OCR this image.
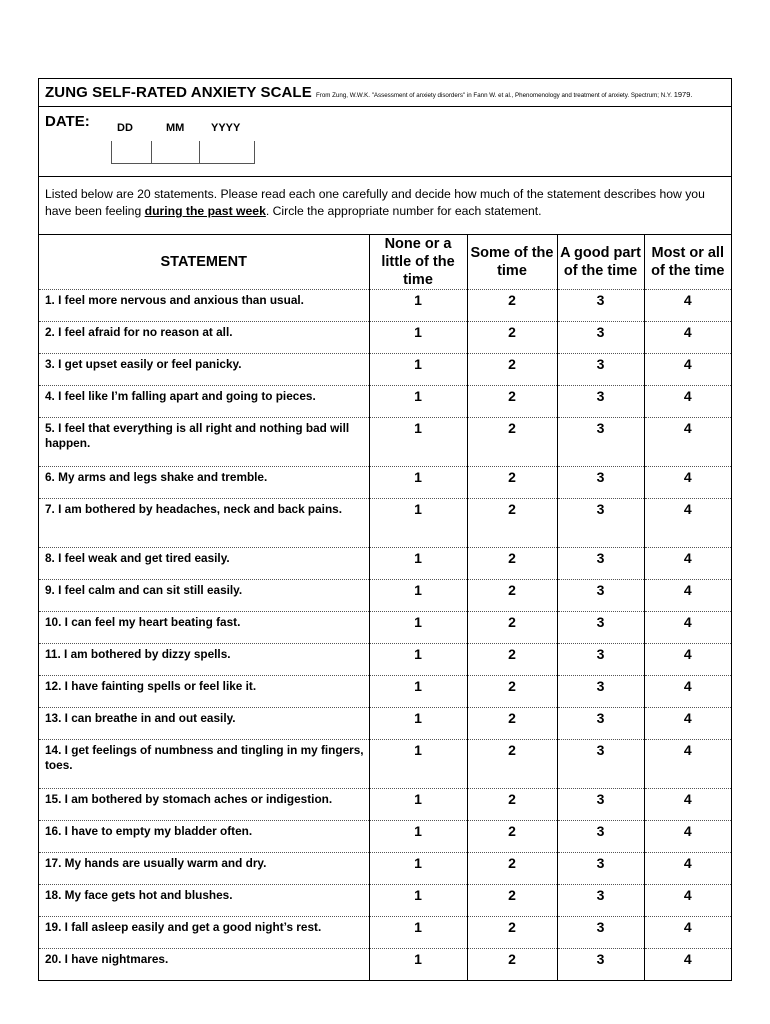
ZUNG SELF-RATED ANXIETY SCALE From Zung, W.W.K. "Assessment of anxiety disorders" in Fann W. et al., Phenomenology and treatment of anxiety. Spectrum; N.Y. 1979.
DATE: DD	MM YYYY

Listed below are 20 statements. Please read each one carefully and decide how much of the statement describes how you have been feeling during the past week. Circle the appropriate number for each statement.

STATEMENT	None or a little of the time	Some of the time	A good part of the time	Most or all of the time
1. I feel more nervous and anxious than usual.	1	2	3	4
2. I feel afraid for no reason at all.	1	2	3	4
3. I get upset easily or feel panicky.	1	2	3	4
4. I feel like I’m falling apart and going to pieces.	1	2	3	4
5. I feel that everything is all right and nothing bad will happen.	1	2	3	4
6. My arms and legs shake and tremble.	1	2	3	4
7. I am bothered by headaches, neck and back pains.	1	2	3	4
8. I feel weak and get tired easily.	1	2	3	4
9. I feel calm and can sit still easily.	1	2	3	4
10. I can feel my heart beating fast.	1	2	3	4
11. I am bothered by dizzy spells.	1	2	3	4
12. I have fainting spells or feel like it.	1	2	3	4
13. I can breathe in and out easily.	1	2	3	4
14. I get feelings of numbness and tingling in my fingers, toes.	1	2	3	4
15. I am bothered by stomach aches or indigestion.	1	2	3	4
16. I have to empty my bladder often.	1	2	3	4
17. My hands are usually warm and dry.	1	2	3	4
18. My face gets hot and blushes.	1	2	3	4
19. I fall asleep easily and get a good night’s rest.	1	2	3	4
20. I have nightmares.	1	2	3	4
